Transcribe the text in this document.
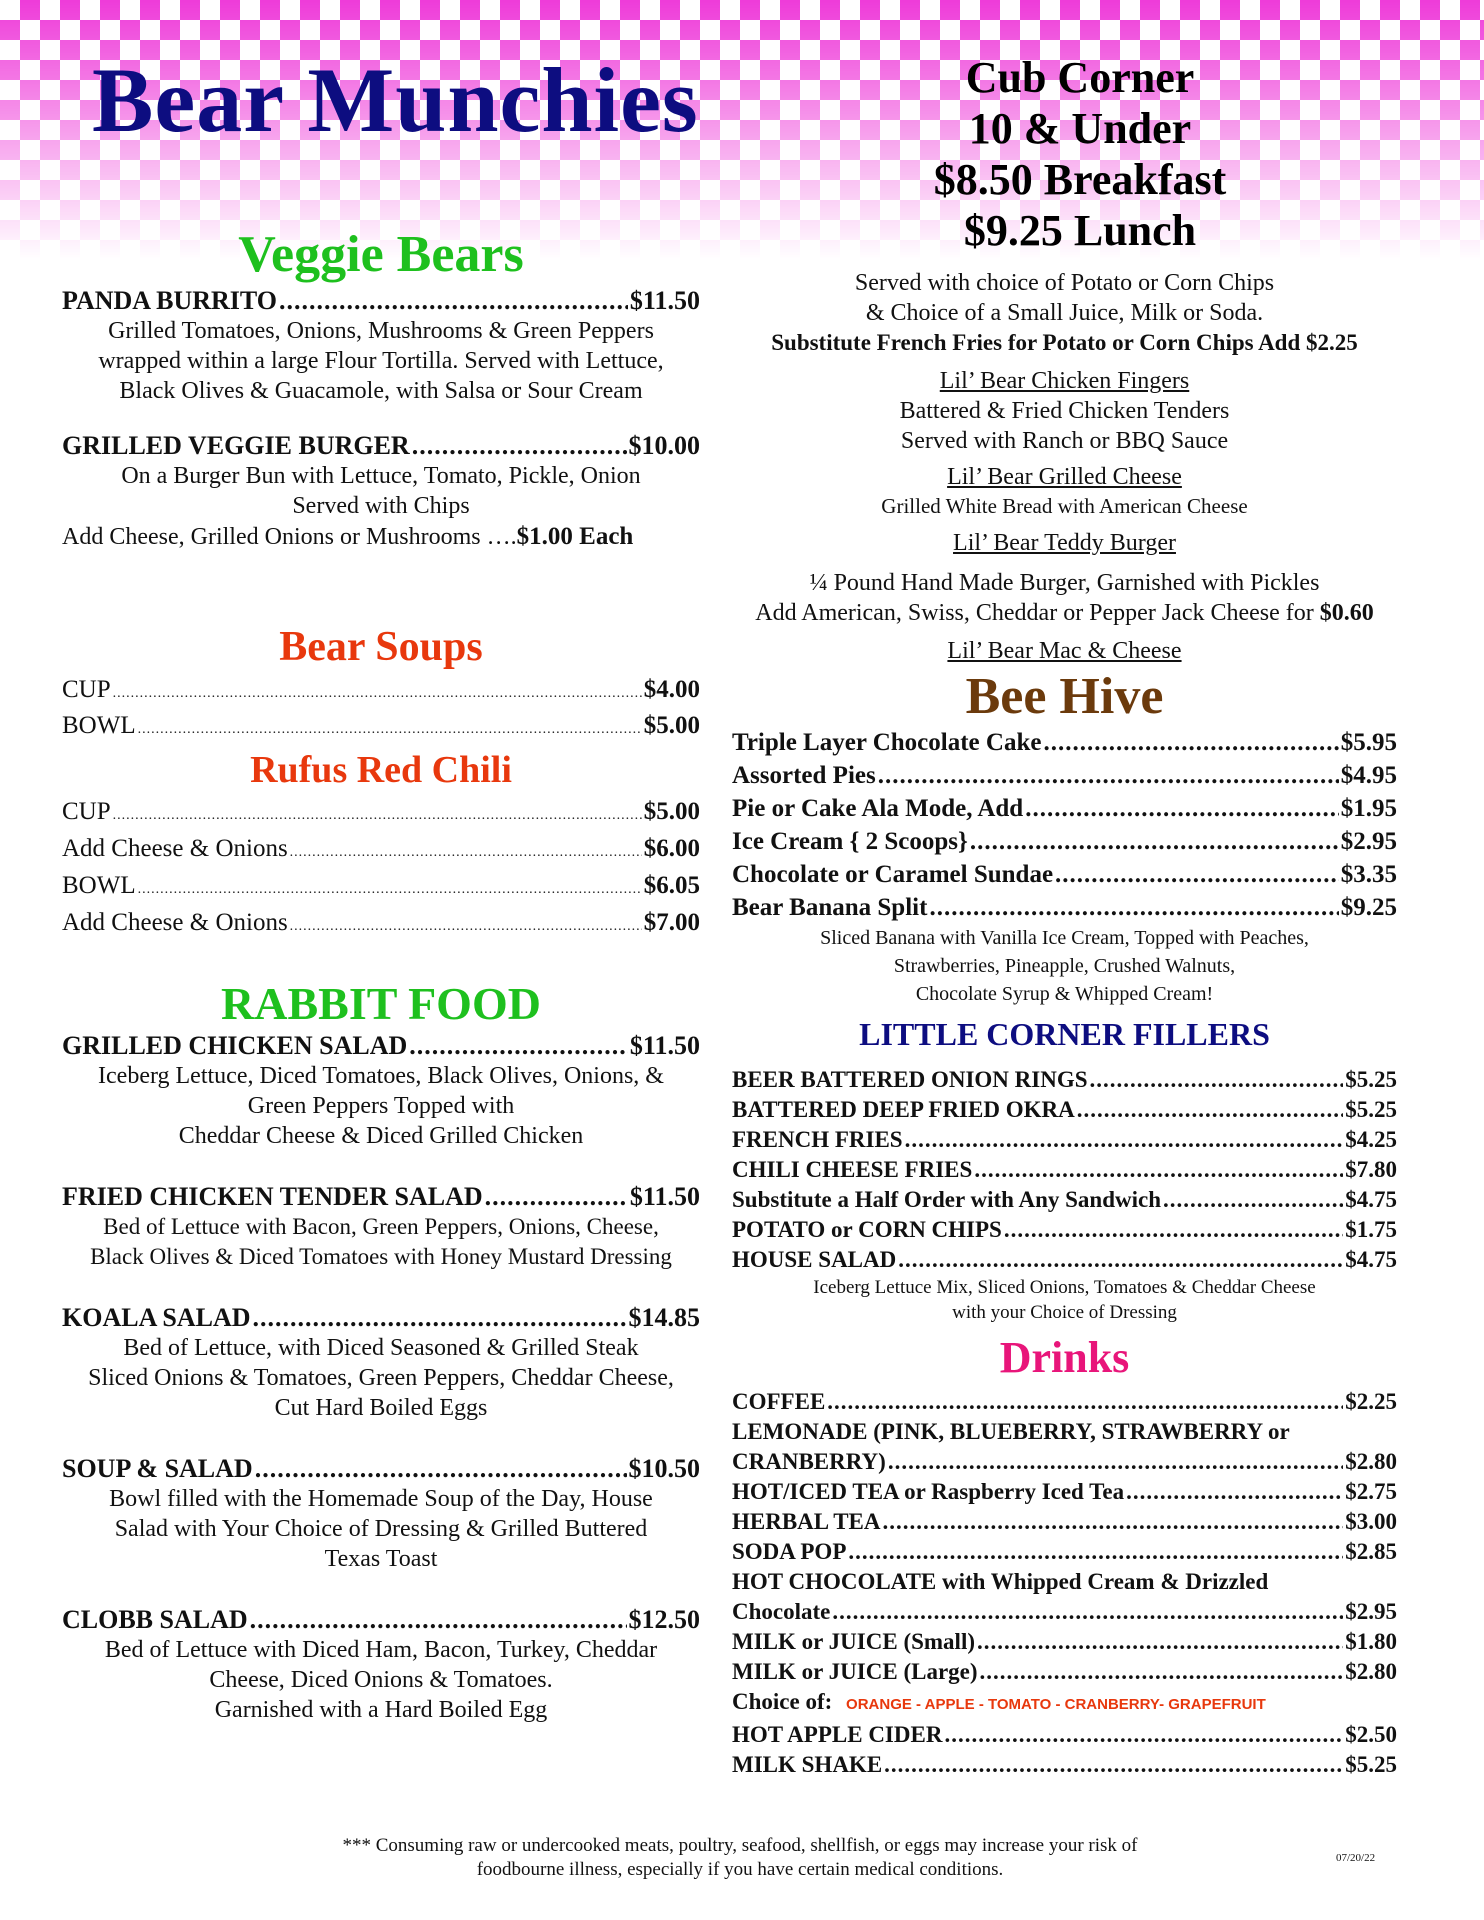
Bear Munchies	Cub Corner
10 & Under
$8.50 Breakfast
$9.25 Lunch
Veggie Bears
PANDA BURRITO .....	$11.50
Grilled Tomatoes, Onions, Mushrooms & Green Peppers
wrapped within a large Flour Tortilla. Served with Lettuce,
Black Olives & Guacamole, with Salsa or Sour Cream
GRILLED VEGGIE BURGER .....	$10.00
On a Burger Bun with Lettuce, Tomato, Pickle, Onion
Served with Chips
Add Cheese, Grilled Onions or Mushrooms ….$1.00 Each
Bear Soups
CUP .....	$4.00
BOWL .....	$5.00
Rufus Red Chili
CUP .....	$5.00
Add Cheese & Onions .....	$6.00
BOWL .....	$6.05
Add Cheese & Onions .....	$7.00
RABBIT FOOD
GRILLED CHICKEN SALAD .....	$11.50
Iceberg Lettuce, Diced Tomatoes, Black Olives, Onions, &
Green Peppers Topped with
Cheddar Cheese & Diced Grilled Chicken
FRIED CHICKEN TENDER SALAD .....	$11.50
Bed of Lettuce with Bacon, Green Peppers, Onions, Cheese,
Black Olives & Diced Tomatoes with Honey Mustard Dressing
KOALA SALAD .....	$14.85
Bed of Lettuce, with Diced Seasoned & Grilled Steak
Sliced Onions & Tomatoes, Green Peppers, Cheddar Cheese,
Cut Hard Boiled Eggs
SOUP & SALAD .....	$10.50
Bowl filled with the Homemade Soup of the Day, House
Salad with Your Choice of Dressing & Grilled Buttered
Texas Toast
CLOBB SALAD .....	$12.50
Bed of Lettuce with Diced Ham, Bacon, Turkey, Cheddar
Cheese, Diced Onions & Tomatoes.
Garnished with a Hard Boiled Egg
Served with choice of Potato or Corn Chips
& Choice of a Small Juice, Milk or Soda.
Substitute French Fries for Potato or Corn Chips Add $2.25
Lil’ Bear Chicken Fingers
Battered & Fried Chicken Tenders
Served with Ranch or BBQ Sauce
Lil’ Bear Grilled Cheese
Grilled White Bread with American Cheese
Lil’ Bear Teddy Burger
¼ Pound Hand Made Burger, Garnished with Pickles
Add American, Swiss, Cheddar or Pepper Jack Cheese for $0.60
Lil’ Bear Mac & Cheese
Bee Hive
Triple Layer Chocolate Cake .....	$5.95
Assorted Pies .....	$4.95
Pie or Cake Ala Mode, Add .....	$1.95
Ice Cream { 2 Scoops} .....	$2.95
Chocolate or Caramel Sundae .....	$3.35
Bear Banana Split .....	$9.25
Sliced Banana with Vanilla Ice Cream, Topped with Peaches,
Strawberries, Pineapple, Crushed Walnuts,
Chocolate Syrup & Whipped Cream!
LITTLE CORNER FILLERS
BEER BATTERED ONION RINGS .....	$5.25
BATTERED DEEP FRIED OKRA .....	$5.25
FRENCH FRIES .....	$4.25
CHILI CHEESE FRIES .....	$7.80
Substitute a Half Order with Any Sandwich .....	$4.75
POTATO or CORN CHIPS .....	$1.75
HOUSE SALAD .....	$4.75
Iceberg Lettuce Mix, Sliced Onions, Tomatoes & Cheddar Cheese
with your Choice of Dressing
Drinks
COFFEE .....	$2.25
LEMONADE (PINK, BLUEBERRY, STRAWBERRY or
CRANBERRY) .....	$2.80
HOT/ICED TEA or Raspberry Iced Tea .....	$2.75
HERBAL TEA .....	$3.00
SODA POP .....	$2.85
HOT CHOCOLATE with Whipped Cream & Drizzled
Chocolate .....	$2.95
MILK or JUICE (Small) .....	$1.80
MILK or JUICE (Large) .....	$2.80
Choice of: ORANGE - APPLE - TOMATO - CRANBERRY- GRAPEFRUIT
HOT APPLE CIDER .....	$2.50
MILK SHAKE .....	$5.25
*** Consuming raw or undercooked meats, poultry, seafood, shellfish, or eggs may increase your risk of
foodbourne illness, especially if you have certain medical conditions.
07/20/22
